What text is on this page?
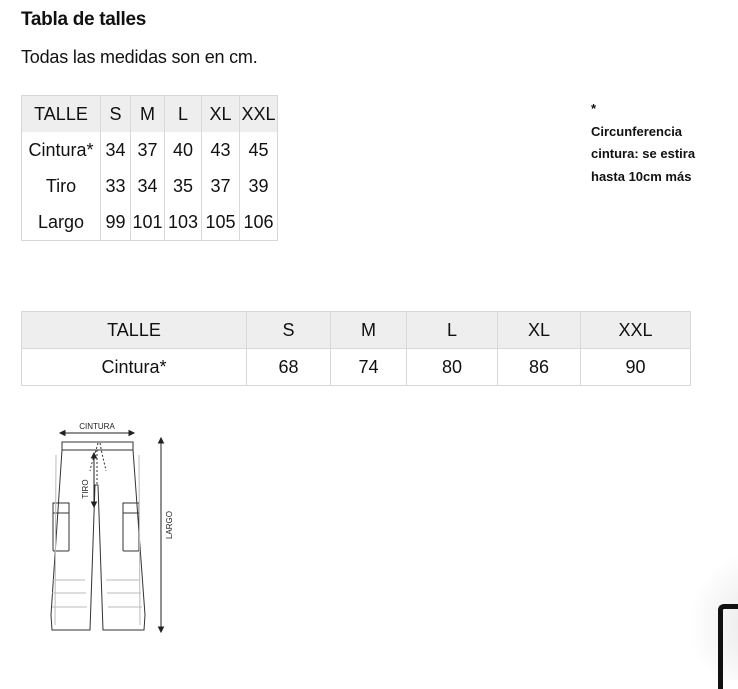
Tabla de talles

Todas las medidas son en cm.

TALLE	S	M	L	XL	XXL
Cintura*	34	37	40	43	45
Tiro	33	34	35	37	39
Largo	99	101	103	105	106
*
Circunferencia cintura: se estira hasta 10cm más
TALLE	S	M	L	XL	XXL
Cintura*	68	74	80	86	90
CINTURA
TIRO
LARGO
